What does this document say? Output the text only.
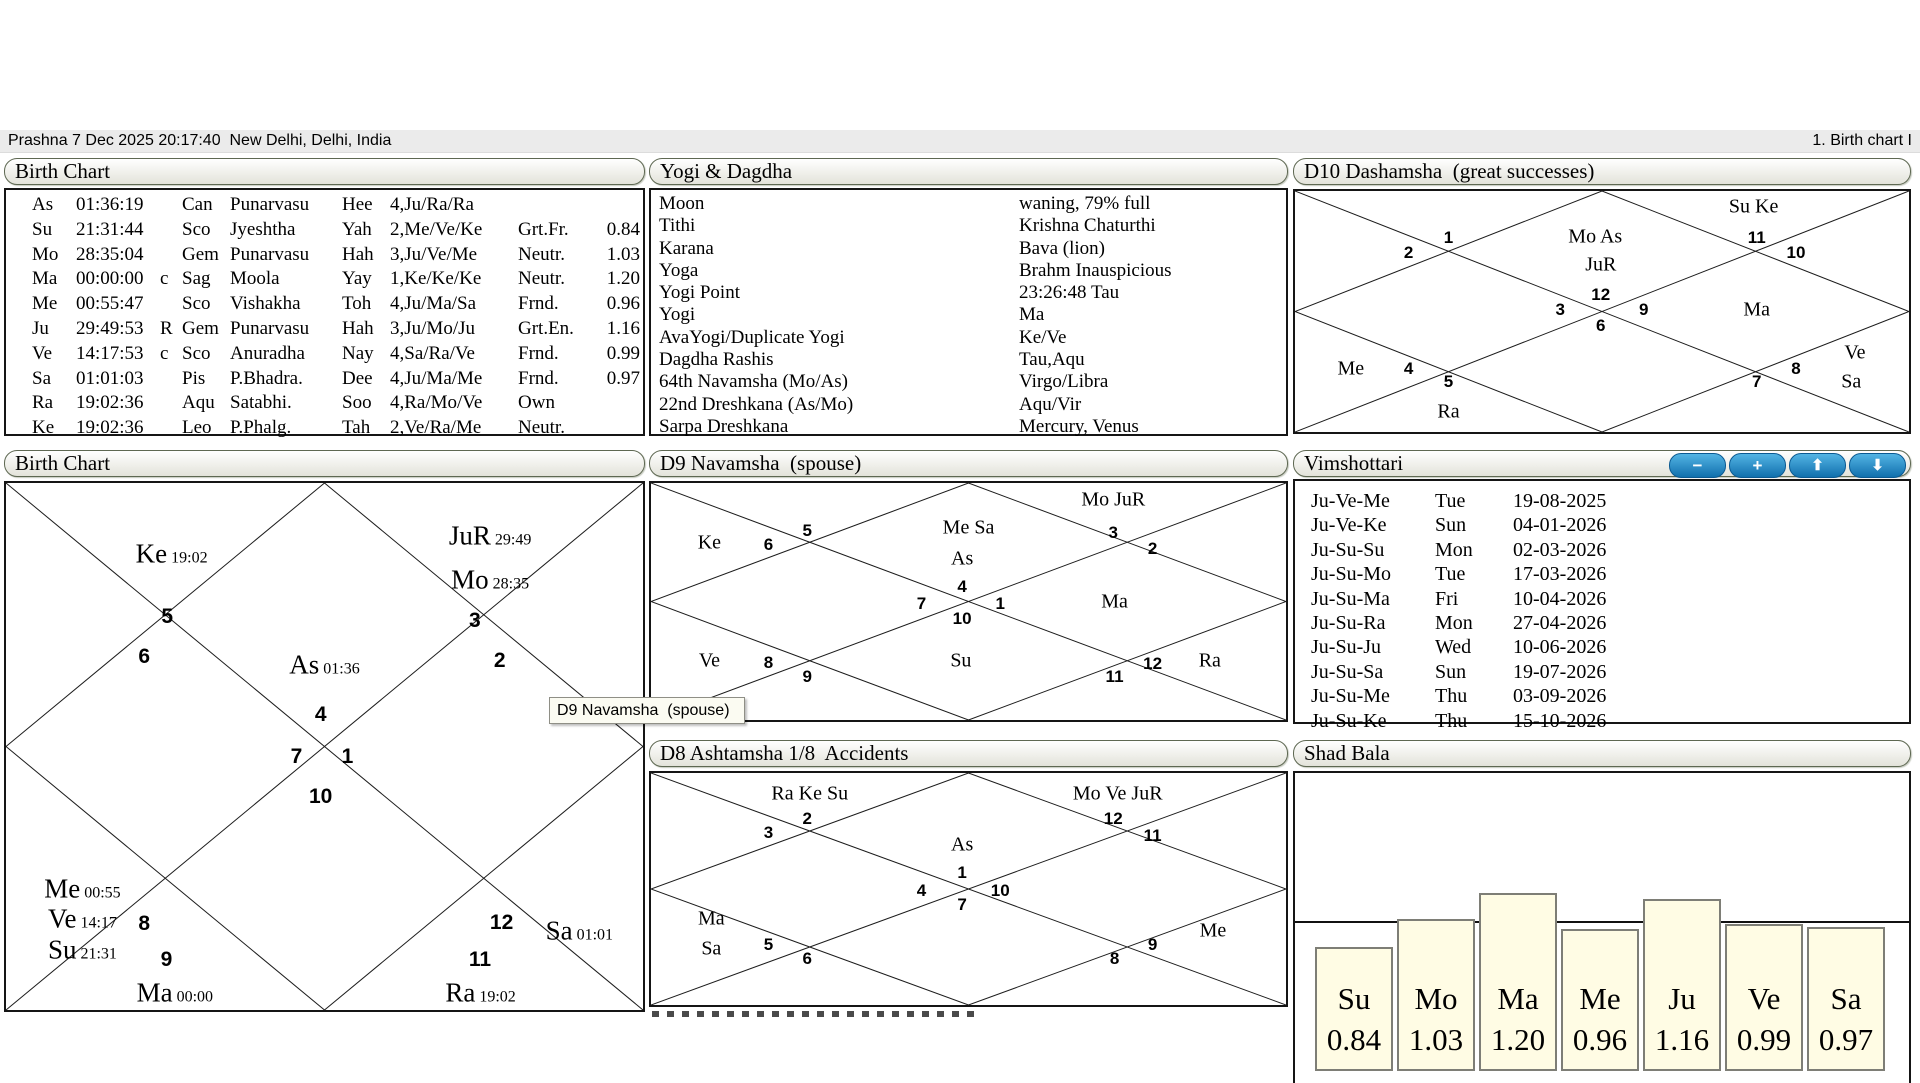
Prashna 7 Dec 2025 20:17:40  New Delhi, Delhi, India	1. Birth chart I
Birth Chart
As	01:36:19	Can Punarvasu	Hee 4,Ju/Ra/Ra
Su	21:31:44	Sco	Jyeshtha	Yah 2,Me/Ve/Ke	Grt.Fr.	0.84
Mo 28:35:04	Gem Punarvasu	Hah 3,Ju/Ve/Me	Neutr.	1.03
Ma 00:00:00 c Sag	Moola	Yay 1,Ke/Ke/Ke	Neutr.	1.20
Me 00:55:47	Sco	Vishakha	Toh 4,Ju/Ma/Sa	Frnd.	0.96
Ju	29:49:53 R Gem Punarvasu	Hah 3,Ju/Mo/Ju	Grt.En.	1.16
Ve	14:17:53 c Sco	Anuradha	Nay 4,Sa/Ra/Ve	Frnd.	0.99
Sa	01:01:03	Pis	P.Bhadra.	Dee 4,Ju/Ma/Me	Frnd.	0.97
Ra	19:02:36	Aqu Satabhi.	Soo 4,Ra/Mo/Ve	Own
Ke	19:02:36	Leo P.Phalg.	Tah	2,Ve/Ra/Me	Neutr.
Yogi & Dagdha
Moon	waning, 79% full
Tithi	Krishna Chaturthi
Karana	Bava (lion)
Yoga	Brahm Inauspicious
Yogi Point	23:26:48 Tau
Yogi	Ma
AvaYogi/Duplicate Yogi	Ke/Ve
Dagdha Rashis	Tau,Aqu
64th Navamsha (Mo/As)	Virgo/Libra
22nd Dreshkana (As/Mo)	Aqu/Vir
Sarpa Dreshkana	Mercury, Venus
D10 Dashamsha  (great successes)
12
1
2
3
4
5
6
7
8
9
10
11
Mo As
JuR
Su Ke
Ma
Ve
Sa
Me
Ra
Birth Chart
4
5
6
7
8
9
10
11
12
1
2
3
Ke 19:02
JuR 29:49
Mo 28:35
As 01:36
Me 00:55
Ve 14:17
Su 21:31
Ma 00:00	Ra 19:02
Sa 01:01
D9 Navamsha  (spouse)
4
5
6
7
8
9
10
11
12
1
2
3
Me Sa
As
Mo JuR
Ke
Ve	Su	Ra
Ma
Vimshottari	−	+	⬆	⬇
Ju-Ve-Me	Tue	19-08-2025
Ju-Ve-Ke	Sun	04-01-2026
Ju-Su-Su	Mon	02-03-2026
Ju-Su-Mo	Tue	17-03-2026
Ju-Su-Ma	Fri	10-04-2026
Ju-Su-Ra	Mon	27-04-2026
Ju-Su-Ju	Wed	10-06-2026
Ju-Su-Sa	Sun	19-07-2026
Ju-Su-Me	Thu	03-09-2026
Ju-Su-Ke	Thu	15-10-2026
D8 Ashtamsha 1/8  Accidents
1
2
3
4
5
6
7
8
9
10
11
12
As
Ra Ke Su	Mo Ve JuR
Ma
Sa
Me
Shad Bala
Su
0.84
Mo
1.03
Ma
1.20
Me
0.96
Ju
1.16
Ve
0.99
Sa
0.97
D9 Navamsha  (spouse)
